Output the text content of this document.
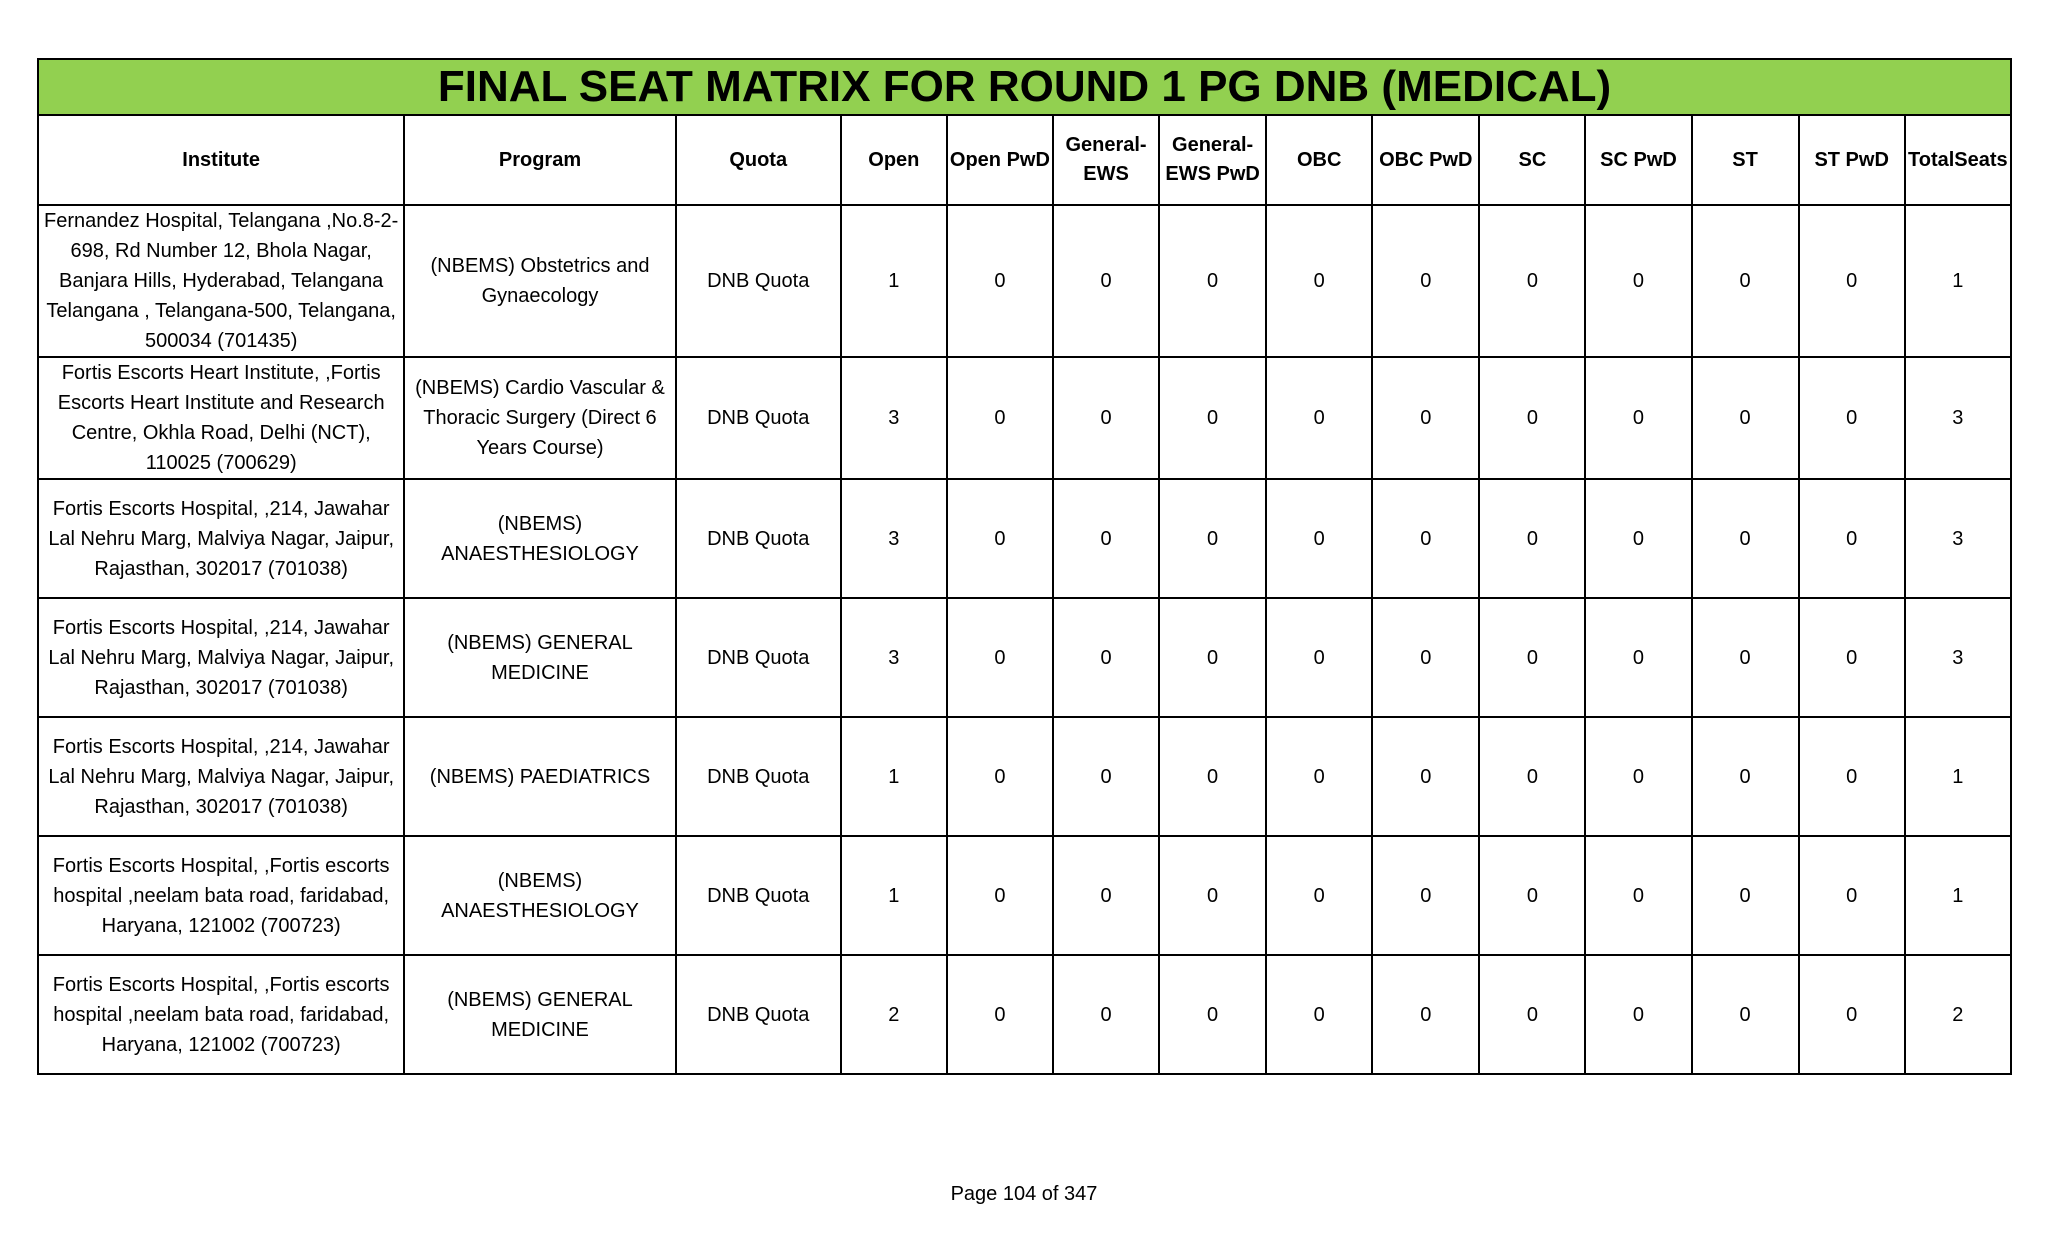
FINAL SEAT MATRIX FOR ROUND 1 PG DNB (MEDICAL)													
Institute	Program	Quota	Open	Open PwD	General-EWS	General-EWS PwD	OBC	OBC PwD	SC	SC PwD	ST	ST PwD	TotalSeats
Fernandez Hospital, Telangana ,No.8-2-698, Rd Number 12, Bhola Nagar, Banjara Hills, Hyderabad, Telangana Telangana , Telangana-500, Telangana, 500034 (701435)	(NBEMS) Obstetrics and Gynaecology	DNB Quota	1	0	0	0	0	0	0	0	0	0	1
Fortis Escorts Heart Institute, ,Fortis Escorts Heart Institute and Research Centre, Okhla Road, Delhi (NCT), 110025 (700629)	(NBEMS) Cardio Vascular & Thoracic Surgery (Direct 6 Years Course)	DNB Quota	3	0	0	0	0	0	0	0	0	0	3
Fortis Escorts Hospital, ,214, Jawahar Lal Nehru Marg, Malviya Nagar, Jaipur, Rajasthan, 302017 (701038)	(NBEMS) ANAESTHESIOLOGY	DNB Quota	3	0	0	0	0	0	0	0	0	0	3
Fortis Escorts Hospital, ,214, Jawahar Lal Nehru Marg, Malviya Nagar, Jaipur, Rajasthan, 302017 (701038)	(NBEMS) GENERAL MEDICINE	DNB Quota	3	0	0	0	0	0	0	0	0	0	3
Fortis Escorts Hospital, ,214, Jawahar Lal Nehru Marg, Malviya Nagar, Jaipur, Rajasthan, 302017 (701038)	(NBEMS) PAEDIATRICS	DNB Quota	1	0	0	0	0	0	0	0	0	0	1
Fortis Escorts Hospital, ,Fortis escorts hospital ,neelam bata road, faridabad, Haryana, 121002 (700723)	(NBEMS) ANAESTHESIOLOGY	DNB Quota	1	0	0	0	0	0	0	0	0	0	1
Fortis Escorts Hospital, ,Fortis escorts hospital ,neelam bata road, faridabad, Haryana, 121002 (700723)	(NBEMS) GENERAL MEDICINE	DNB Quota	2	0	0	0	0	0	0	0	0	0	2
Page 104 of 347
